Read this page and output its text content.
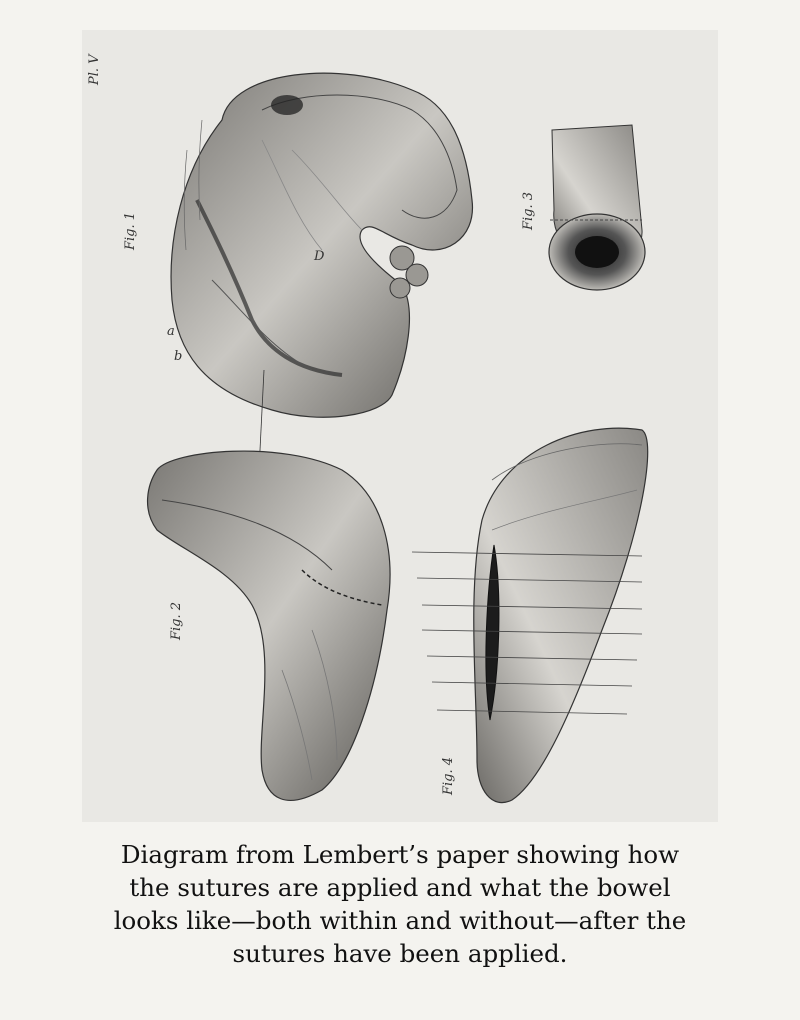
Pl. V
a
b
D
Fig. 1
Fig. 3
Fig. 2
Fig. 4
Diagram from Lembert’s paper showing how
the sutures are applied and what the bowel
looks like—both within and without—after the
sutures have been applied.
